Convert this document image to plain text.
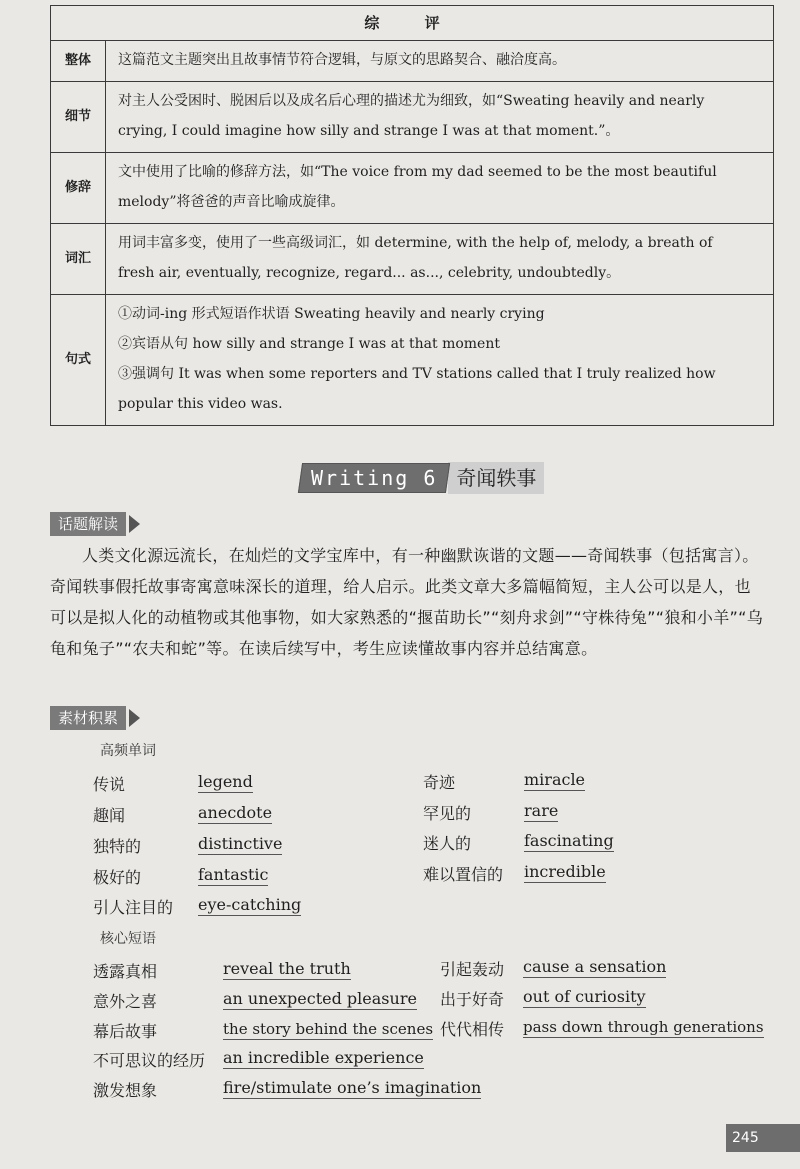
综 评	
整体	这篇范文主题突出且故事情节符合逻辑，与原文的思路契合、融洽度高。

细节	对主人公受困时、脱困后以及成名后心理的描述尤为细致，如“Sweating heavily and nearly

crying, I could imagine how silly and strange I was at that moment.”。

修辞	文中使用了比喻的修辞方法，如“The voice from my dad seemed to be the most beautiful

melody”将爸爸的声音比喻成旋律。

词汇	用词丰富多变，使用了一些高级词汇，如 determine, with the help of, melody, a breath of

fresh air, eventually, recognize, regard... as..., celebrity, undoubtedly。

句式	①动词-ing 形式短语作状语 Sweating heavily and nearly crying

②宾语从句 how silly and strange I was at that moment

③强调句 It was when some reporters and TV stations called that I truly realized how

popular this video was.

Writing 6 奇闻轶事
话题解读

人类文化源远流长，在灿烂的文学宝库中，有一种幽默诙谐的文题——奇闻轶事（包括寓言）。奇闻轶事假托故事寄寓意味深长的道理，给人启示。此类文章大多篇幅简短，主人公可以是人，也可以是拟人化的动植物或其他事物，如大家熟悉的“揠苗助长”“刻舟求剑”“守株待兔”“狼和小羊”“乌龟和兔子”“农夫和蛇”等。在读后续写中，考生应读懂故事内容并总结寓意。

素材积累
高频单词
传说	legend	奇迹	miracle
趣闻	anecdote	罕见的	rare
独特的	distinctive	迷人的	fascinating
极好的	fantastic	难以置信的 incredible
引人注目的 eye-catching
核心短语
透露真相	reveal the truth	引起轰动 cause a sensation
意外之喜	an unexpected pleasure 出于好奇 out of curiosity
幕后故事	the story behind the scenes 代代相传 pass down through generations
不可思议的经历 an incredible experience
激发想象	fire/stimulate one’s imagination
245
